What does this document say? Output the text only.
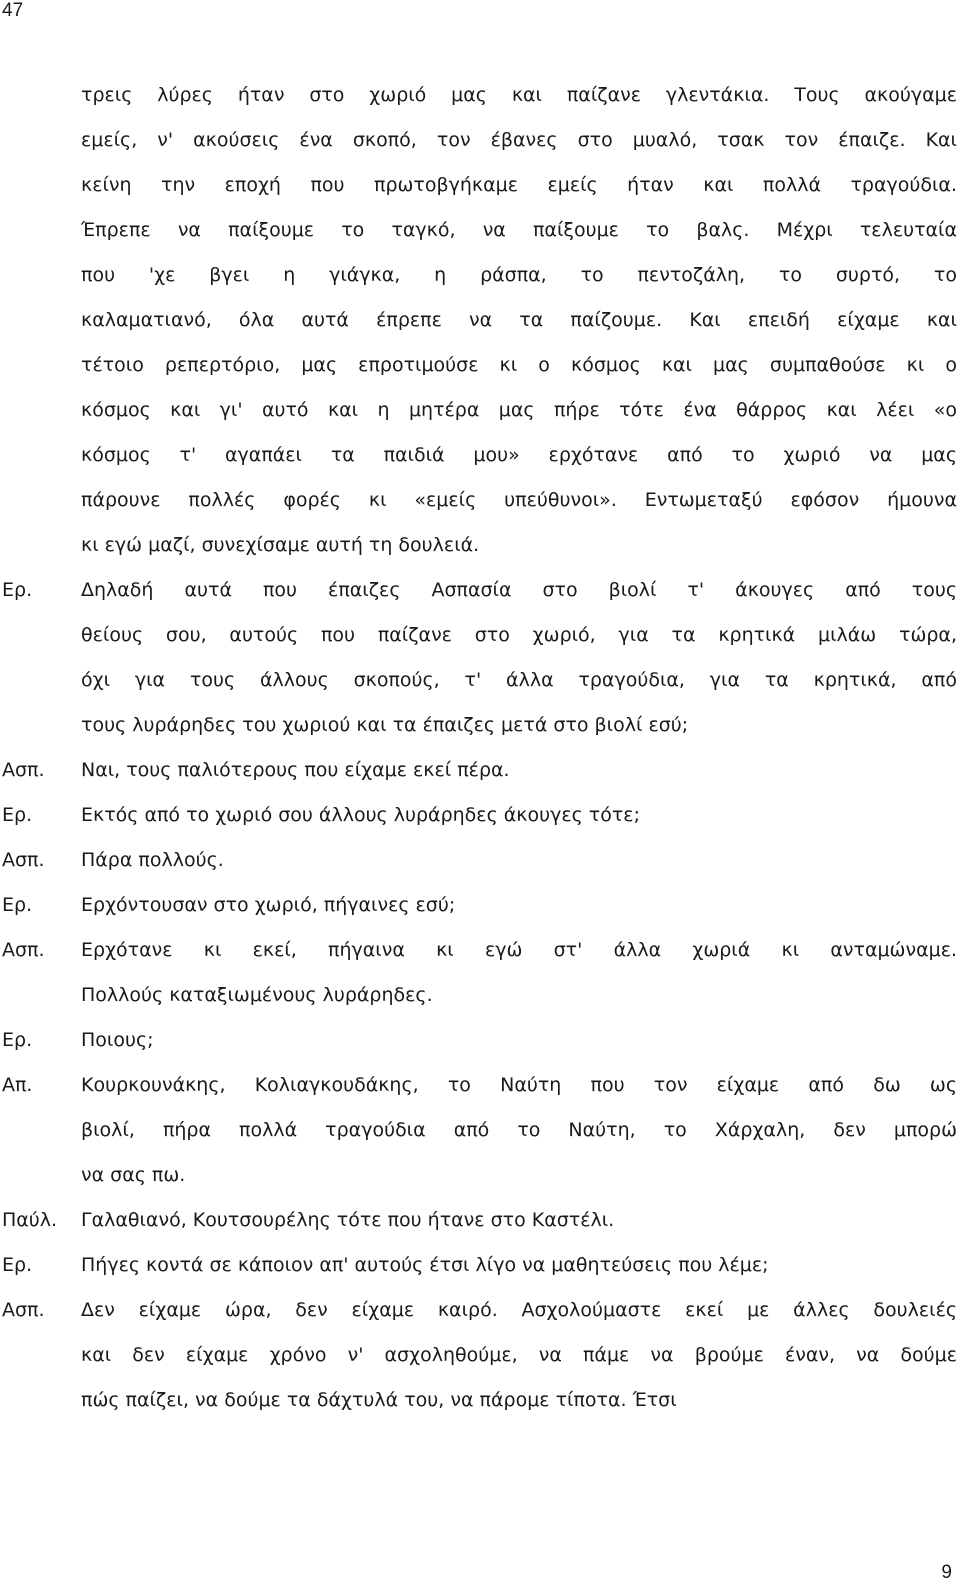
47
τρεις λύρες ήταν στο χωριό μας και παίζανε γλεντάκια. Τους ακούγαμε
εμείς, ν' ακούσεις ένα σκοπό, τον έβανες στο μυαλό, τσακ τον έπαιζε. Και
κείνη την εποχή που πρωτοβγήκαμε εμείς ήταν και πολλά τραγούδια.
Έπρεπε να παίξουμε το ταγκό, να παίξουμε το βαλς. Μέχρι τελευταία
που 'χε βγει η γιάγκα, η ράσπα, το πεντοζάλη, το συρτό, το
καλαματιανό, όλα αυτά έπρεπε να τα παίζουμε. Και επειδή είχαμε και
τέτοιο ρεπερτόριο, μας επροτιμούσε κι ο κόσμος και μας συμπαθούσε κι ο
κόσμος και γι' αυτό και η μητέρα μας πήρε τότε ένα θάρρος και λέει «ο
κόσμος τ' αγαπάει τα παιδιά μου» ερχότανε από το χωριό να μας
πάρουνε πολλές φορές κι «εμείς υπεύθυνοι». Εντωμεταξύ εφόσον ήμουνα
κι εγώ μαζί, συνεχίσαμε αυτή τη δουλειά.
Ερ.	Δηλαδή αυτά που έπαιζες Ασπασία στο βιολί τ' άκουγες από τους
θείους σου, αυτούς που παίζανε στο χωριό, για τα κρητικά μιλάω τώρα,
όχι για τους άλλους σκοπούς, τ' άλλα τραγούδια, για τα κρητικά, από
τους λυράρηδες του χωριού και τα έπαιζες μετά στο βιολί εσύ;
Ασπ.	Ναι, τους παλιότερους που είχαμε εκεί πέρα.
Ερ.	Εκτός από το χωριό σου άλλους λυράρηδες άκουγες τότε;
Ασπ.	Πάρα πολλούς.
Ερ.	Ερχόντουσαν στο χωριό, πήγαινες εσύ;
Ασπ.	Ερχότανε κι εκεί, πήγαινα κι εγώ στ' άλλα χωριά κι ανταμώναμε.
Πολλούς καταξιωμένους λυράρηδες.
Ερ.	Ποιους;
Απ.	Κουρκουνάκης, Κολιαγκουδάκης, το Ναύτη που τον είχαμε από δω ως
βιολί, πήρα πολλά τραγούδια από το Ναύτη, το Χάρχαλη, δεν μπορώ
να σας πω.
Παύλ.	Γαλαθιανό, Κουτσουρέλης τότε που ήτανε στο Καστέλι.
Ερ.	Πήγες κοντά σε κάποιον απ' αυτούς έτσι λίγο να μαθητεύσεις που λέμε;
Ασπ.	Δεν είχαμε ώρα, δεν είχαμε καιρό. Ασχολούμαστε εκεί με άλλες δουλειές
και δεν είχαμε χρόνο ν' ασχοληθούμε, να πάμε να βρούμε έναν, να δούμε
πώς παίζει, να δούμε τα δάχτυλά του, να πάρομε τίποτα. Έτσι
9
